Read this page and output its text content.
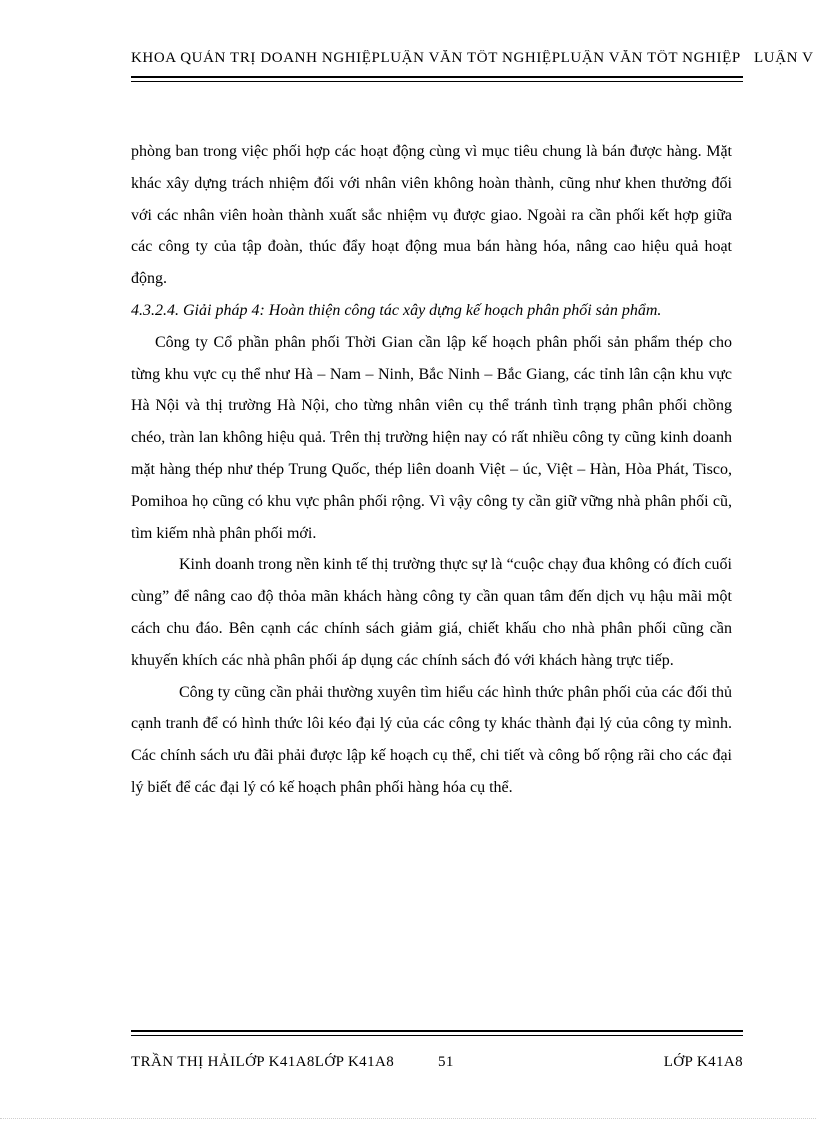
KHOA QUẢN TRỊ DOANH NGHIỆPLUẬN VĂN TỐT NGHIỆPLUẬN VĂN TỐT NGHIỆP LUẬN V

phòng ban trong việc phối hợp các hoạt động cùng vì mục tiêu chung là bán được hàng. Mặt khác xây dựng trách nhiệm đối với nhân viên không hoàn thành, cũng như khen thưởng đối với các nhân viên hoàn thành xuất sắc nhiệm vụ được giao. Ngoài ra cần phối kết hợp giữa các công ty của tập đoàn, thúc đẩy hoạt động mua bán hàng hóa, nâng cao hiệu quả hoạt động.

4.3.2.4. Giải pháp 4: Hoàn thiện công tác xây dựng kế hoạch phân phối sản phẩm.

Công ty Cổ phần phân phối Thời Gian cần lập kế hoạch phân phối sản phẩm thép cho từng khu vực cụ thể như Hà – Nam – Ninh, Bắc Ninh – Bắc Giang, các tỉnh lân cận khu vực Hà Nội và thị trường Hà Nội, cho từng nhân viên cụ thể tránh tình trạng phân phối chồng chéo, tràn lan không hiệu quả. Trên thị trường hiện nay có rất nhiều công ty cũng kinh doanh mặt hàng thép như thép Trung Quốc, thép liên doanh Việt – úc, Việt – Hàn, Hòa Phát, Tisco, Pomihoa họ cũng có khu vực phân phối rộng. Vì vậy công ty cần giữ vững nhà phân phối cũ, tìm kiếm nhà phân phối mới.

Kinh doanh trong nền kinh tế thị trường thực sự là “cuộc chạy đua không có đích cuối cùng” để nâng cao độ thỏa mãn khách hàng công ty cần quan tâm đến dịch vụ hậu mãi một cách chu đáo. Bên cạnh các chính sách giảm giá, chiết khấu cho nhà phân phối cũng cần khuyến khích các nhà phân phối áp dụng các chính sách đó với khách hàng trực tiếp.

Công ty cũng cần phải thường xuyên tìm hiểu các hình thức phân phối của các đối thủ cạnh tranh để có hình thức lôi kéo đại lý của các công ty khác thành đại lý của công ty mình. Các chính sách ưu đãi phải được lập kế hoạch cụ thể, chi tiết và công bố rộng rãi cho các đại lý biết để các đại lý có kế hoạch phân phối hàng hóa cụ thể.

TRẦN THỊ HẢILỚP K41A8LỚP K41A8	51	LỚP K41A8
